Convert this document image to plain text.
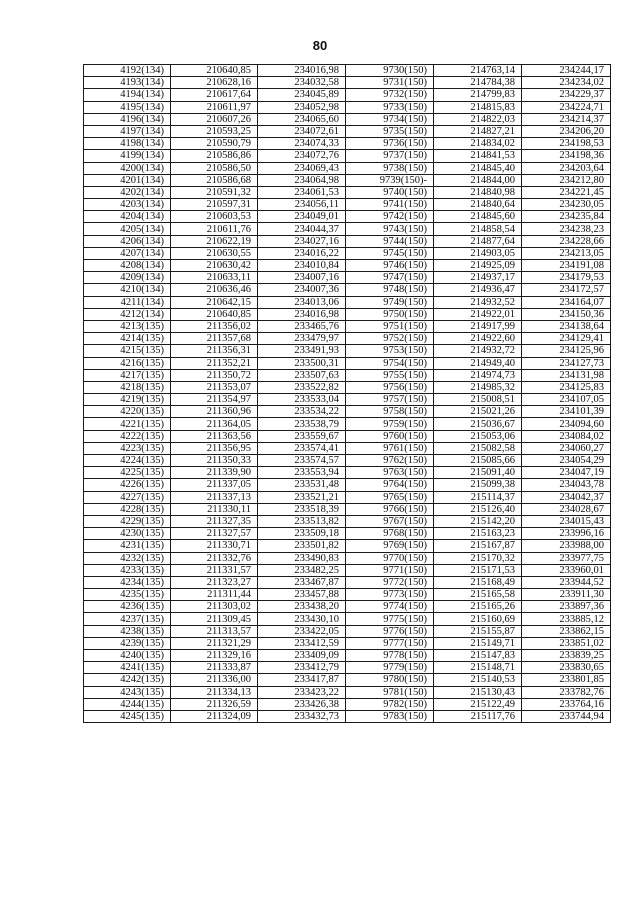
80
4192(134)	210640,85	234016,98	9730(150)	214763,14	234244,17
4193(134)	210628,16	234032,58	9731(150)	214784,38	234234,02
4194(134)	210617,64	234045,89	9732(150)	214799,83	234229,37
4195(134)	210611,97	234052,98	9733(150)	214815,83	234224,71
4196(134)	210607,26	234065,60	9734(150)	214822,03	234214,37
4197(134)	210593,25	234072,61	9735(150)	214827,21	234206,20
4198(134)	210590,79	234074,33	9736(150)	214834,02	234198,53
4199(134)	210586,86	234072,76	9737(150)	214841,53	234198,36
4200(134)	210586,50	234069,43	9738(150)	214845,40	234203,64
4201(134)	210586,68	234064,98	9739(150)-	214844,00	234212,80
4202(134)	210591,32	234061,53	9740(150)	214840,98	234221,45
4203(134)	210597,31	234056,11	9741(150)	214840,64	234230,05
4204(134)	210603,53	234049,01	9742(150)	214845,60	234235,84
4205(134)	210611,76	234044,37	9743(150)	214858,54	234238,23
4206(134)	210622,19	234027,16	9744(150)	214877,64	234228,66
4207(134)	210630,55	234016,22	9745(150)	214903,05	234213,05
4208(134)	210630,42	234010,84	9746(150)	214925,09	234191,08
4209(134)	210633,11	234007,16	9747(150)	214937,17	234179,53
4210(134)	210636,46	234007,36	9748(150)	214936,47	234172,57
4211(134)	210642,15	234013,06	9749(150)	214932,52	234164,07
4212(134)	210640,85	234016,98	9750(150)	214922,01	234150,36
4213(135)	211356,02	233465,76	9751(150)	214917,99	234138,64
4214(135)	211357,68	233479,97	9752(150)	214922,60	234129,41
4215(135)	211356,31	233491,93	9753(150)	214932,72	234125,96
4216(135)	211352,21	233500,31	9754(150)	214949,40	234127,73
4217(135)	211350,72	233507,63	9755(150)	214974,73	234131,98
4218(135)	211353,07	233522,82	9756(150)	214985,32	234125,83
4219(135)	211354,97	233533,04	9757(150)	215008,51	234107,05
4220(135)	211360,96	233534,22	9758(150)	215021,26	234101,39
4221(135)	211364,05	233538,79	9759(150)	215036,67	234094,60
4222(135)	211363,56	233559,67	9760(150)	215053,06	234084,02
4223(135)	211356,95	233574,41	9761(150)	215082,58	234060,27
4224(135)	211350,33	233574,57	9762(150)	215085,66	234054,29
4225(135)	211339,90	233553,94	9763(150)	215091,40	234047,19
4226(135)	211337,05	233531,48	9764(150)	215099,38	234043,78
4227(135)	211337,13	233521,21	9765(150)	215114,37	234042,37
4228(135)	211330,11	233518,39	9766(150)	215126,40	234028,67
4229(135)	211327,35	233513,82	9767(150)	215142,20	234015,43
4230(135)	211327,57	233509,18	9768(150)	215163,23	233996,16
4231(135)	211330,71	233501,82	9769(150)	215167,87	233988,00
4232(135)	211332,76	233490,83	9770(150)	215170,32	233977,75
4233(135)	211331,57	233482,25	9771(150)	215171,53	233960,01
4234(135)	211323,27	233467,87	9772(150)	215168,49	233944,52
4235(135)	211311,44	233457,88	9773(150)	215165,58	233911,30
4236(135)	211303,02	233438,20	9774(150)	215165,26	233897,36
4237(135)	211309,45	233430,10	9775(150)	215160,69	233885,12
4238(135)	211313,57	233422,05	9776(150)	215155,87	233862,15
4239(135)	211321,29	233412,59	9777(150)	215149,71	233851,02
4240(135)	211329,16	233409,09	9778(150)	215147,83	233839,25
4241(135)	211333,87	233412,79	9779(150)	215148,71	233830,65
4242(135)	211336,00	233417,87	9780(150)	215140,53	233801,85
4243(135)	211334,13	233423,22	9781(150)	215130,43	233782,76
4244(135)	211326,59	233426,38	9782(150)	215122,49	233764,16
4245(135)	211324,09	233432,73	9783(150)	215117,76	233744,94
